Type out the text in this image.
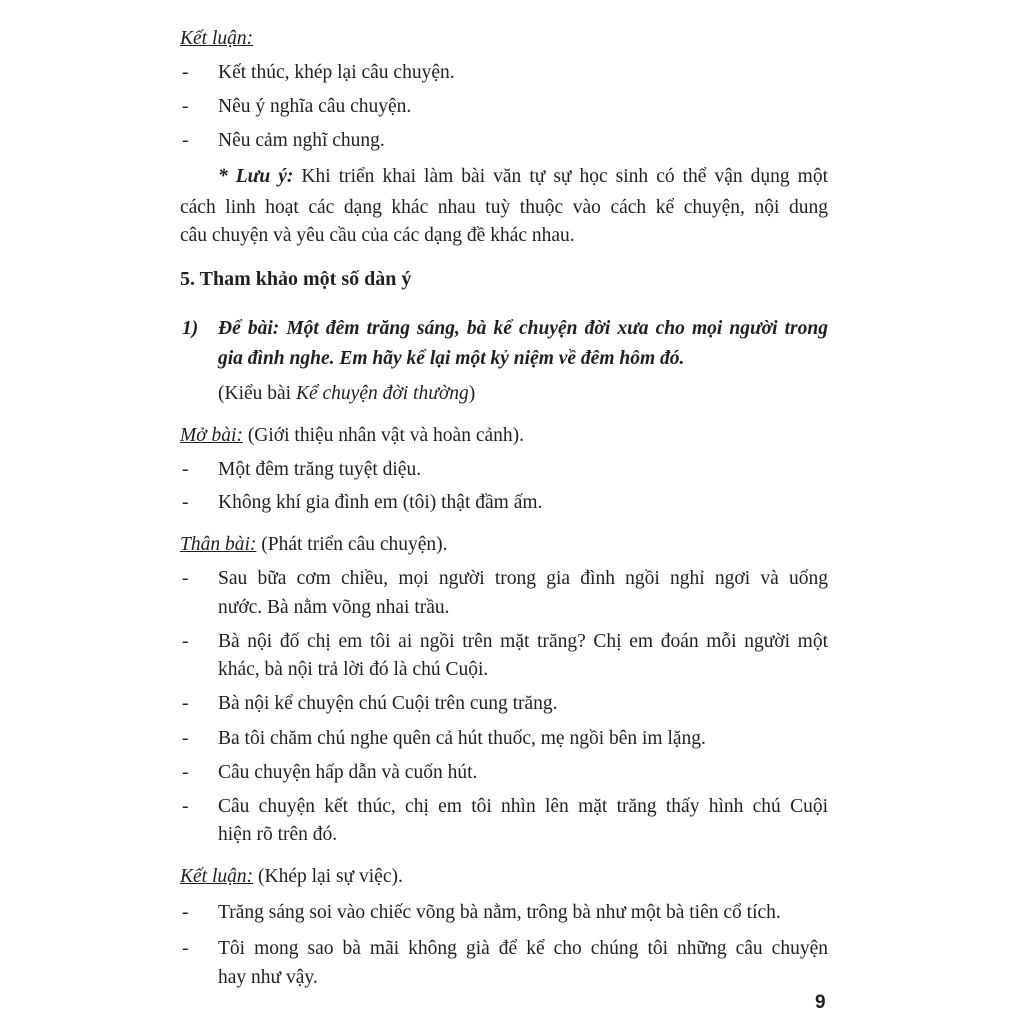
Kết luận:
- Kết thúc, khép lại câu chuyện.
- Nêu ý nghĩa câu chuyện.
- Nêu cảm nghĩ chung.
* Lưu ý: Khi triển khai làm bài văn tự sự học sinh có thể vận dụng một
cách linh hoạt các dạng khác nhau tuỳ thuộc vào cách kể chuyện, nội dung
câu chuyện và yêu cầu của các dạng đề khác nhau.
5. Tham khảo một số dàn ý
1) Để bài: Một đêm trăng sáng, bà kể chuyện đời xưa cho mọi người trong
gia đình nghe. Em hãy kể lại một kỷ niệm về đêm hôm đó.
(Kiểu bài Kể chuyện đời thường)
Mở bài: (Giới thiệu nhân vật và hoàn cảnh).
- Một đêm trăng tuyệt diệu.
- Không khí gia đình em (tôi) thật đầm ấm.
Thân bài: (Phát triển câu chuyện).
- Sau bữa cơm chiều, mọi người trong gia đình ngồi nghỉ ngơi và uống
nước. Bà nằm võng nhai trầu.
- Bà nội đố chị em tôi ai ngồi trên mặt trăng? Chị em đoán mỗi người một
khác, bà nội trả lời đó là chú Cuội.
- Bà nội kể chuyện chú Cuội trên cung trăng.
- Ba tôi chăm chú nghe quên cả hút thuốc, mẹ ngồi bên im lặng.
- Câu chuyện hấp dẫn và cuốn hút.
- Câu chuyện kết thúc, chị em tôi nhìn lên mặt trăng thấy hình chú Cuội
hiện rõ trên đó.
Kết luận: (Khép lại sự việc).
- Trăng sáng soi vào chiếc võng bà nằm, trông bà như một bà tiên cổ tích.
- Tôi mong sao bà mãi không già để kể cho chúng tôi những câu chuyện
hay như vậy.
9
